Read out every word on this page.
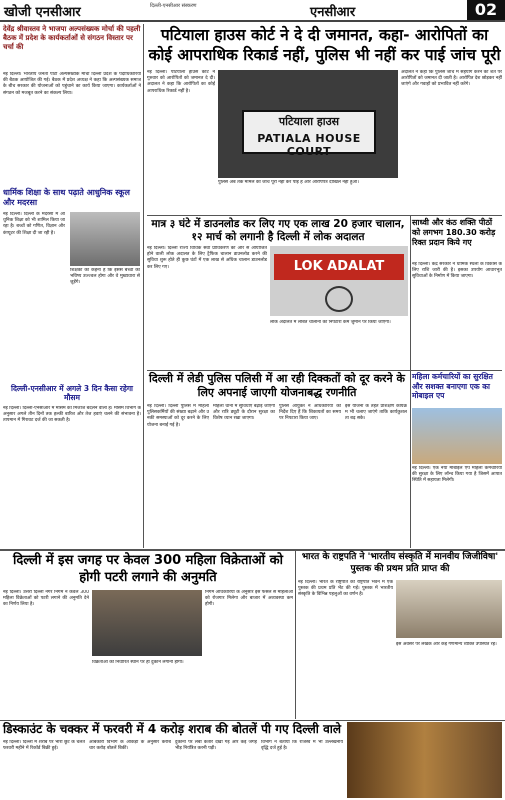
खोजी एनसीआर	दिल्ली-एनसीआर संस्करण	एनसीआर	02
देवेंद्र श्रीवास्तव ने भाजपा अल्पसंख्यक मोर्चा की पहली बैठक में प्रदेश के कार्यकर्ताओं से संगठन विस्तार पर चर्चा की
नई दिल्ली। भारतीय जनता पार्टी अल्पसंख्यक मोर्चा दिल्ली प्रदेश के पदाधिकारियों की बैठक आयोजित की गई। बैठक में प्रदेश अध्यक्ष ने कहा कि अल्पसंख्यक समाज के बीच सरकार की योजनाओं को पहुंचाने का कार्य किया जाएगा। कार्यकर्ताओं ने संगठन को मजबूत करने का संकल्प लिया।
धार्मिक शिक्षा के साथ पढ़ाते आधुनिक स्कूल और मदरसा
नई दिल्ली। दिल्ली के मदरसों में आधुनिक शिक्षा को भी शामिल किया जा रहा है। बच्चों को गणित, विज्ञान और कंप्यूटर की शिक्षा दी जा रही है।
शिक्षकों का कहना है कि इससे बच्चों का भविष्य उज्ज्वल होगा और वे मुख्यधारा से जुड़ेंगे।
दिल्ली-एनसीआर में अगले 3 दिन कैसा रहेगा मौसम
नई दिल्ली। दिल्ली-एनसीआर में मौसम का मिजाज बदलने वाला है। मौसम विभाग के अनुसार अगले तीन दिनों तक हल्की बारिश और तेज हवाएं चलने की संभावना है। तापमान में गिरावट दर्ज की जा सकती है।
पटियाला हाउस कोर्ट ने दे दी जमानत, कहा- आरोपितों का कोई आपराधिक रिकार्ड नहीं, पुलिस भी नहीं कर पाई जांच पूरी
नई दिल्ली। पटियाला हाउस कोर्ट ने गुरुवार को आरोपितों को जमानत दे दी। अदालत ने कहा कि आरोपितों का कोई आपराधिक रिकार्ड नहीं है।
पटियाला हाउस
PATIALA HOUSE COURT
पुलिस अब तक मामले की जांच पूरी नहीं कर पाई है और आरोपपत्र दाखिल नहीं हुआ।
अदालत ने कहा कि पुलिस जांच में सहयोग करने की शर्त पर आरोपितों को जमानत दी जाती है। आरोपित देश छोड़कर नहीं जाएंगे और गवाहों को प्रभावित नहीं करेंगे।
मात्र ३ घंटे में डाउनलोड कर लिए गए एक लाख 20 हजार चालान, १२ मार्च को लगानी है दिल्ली में लोक अदालत
नई दिल्ली। दिल्ली राज्य विधिक सेवा प्राधिकरण की ओर से आयोजित होने वाली लोक अदालत के लिए ट्रैफिक चालान डाउनलोड करने की सुविधा शुरू होते ही कुछ घंटों में एक लाख से अधिक चालान डाउनलोड कर लिए गए।	LOK ADALAT
लोक अदालत में लंबित चालानों का निपटारा कम जुर्माने पर किया जाएगा।
साध्वी और कंठ शक्ति पीठों को लगभग 180.30 करोड़ रिक्त प्रदान किये गए
नई दिल्ली। केंद्र सरकार ने धार्मिक स्थलों के विकास के लिए राशि जारी की है। इसका उपयोग आधारभूत सुविधाओं के निर्माण में किया जाएगा।
दिल्ली में लेडी पुलिस पलिसी में आ रही दिक्कतों को दूर करने के लिए अपनाई जाएगी योजनाबद्ध रणनीति
नई दिल्ली। दिल्ली पुलिस में महिला पुलिसकर्मियों की संख्या बढ़ाने और उनकी समस्याओं को दूर करने के लिए योजना बनाई गई है।
महिला थानों में सुविधाएं बढ़ाई जाएंगी और रात्रि ड्यूटी के दौरान सुरक्षा का विशेष ध्यान रखा जाएगा।
पुलिस आयुक्त ने अधिकारियों को निर्देश दिए हैं कि शिकायतों का समय पर निपटारा किया जाए।
इस योजना के तहत प्रशिक्षण कार्यक्रम भी चलाए जाएंगे ताकि कार्यकुशलता बढ़ सके।
महिला कर्मचारियों का सुरक्षित और सशक्त बनाएगा एक का मोबाइल एप
नई दिल्ली। एक नया मोबाइल एप महिला कर्मचारियों की सुरक्षा के लिए लॉन्च किया गया है जिसमें आपात स्थिति में सहायता मिलेगी।
दिल्ली में इस जगह पर केवल 300 महिला विक्रेताओं को होगी पटरी लगाने की अनुमति
नई दिल्ली। उत्तरी दिल्ली नगर निगम ने केवल 300 महिला विक्रेताओं को पटरी लगाने की अनुमति देने का निर्णय लिया है।
विक्रेताओं को निर्धारित स्थान पर ही दुकान लगानी होगी।
निगम अधिकारियों के अनुसार इस फैसले से महिलाओं को रोजगार मिलेगा और बाजार में अव्यवस्था कम होगी।
भारत के राष्ट्रपति ने 'भारतीय संस्कृति में मानवीय जिजीविषा' पुस्तक की प्रथम प्रति प्राप्त की
नई दिल्ली। भारत के राष्ट्रपति को राष्ट्रपति भवन में एक पुस्तक की प्रथम प्रति भेंट की गई। पुस्तक में भारतीय संस्कृति के विभिन्न पहलुओं का वर्णन है।
इस अवसर पर लेखक और कई गणमान्य व्यक्ति उपस्थित रहे।
डिस्काउंट के चक्कर में फरवरी में 4 करोड़ शराब की बोतलें पी गए दिल्ली वाले
नई दिल्ली। दिल्ली में शराब पर भारी छूट के चलते फरवरी महीने में रिकॉर्ड बिक्री हुई।
आबकारी विभाग के आंकड़ों के अनुसार करीब चार करोड़ बोतलें बिकीं।
दुकानों पर लंबी कतारें देखी गईं और कई जगह भीड़ नियंत्रित करनी पड़ी।
विभाग ने बताया कि राजस्व में भी उल्लेखनीय वृद्धि दर्ज हुई है।
